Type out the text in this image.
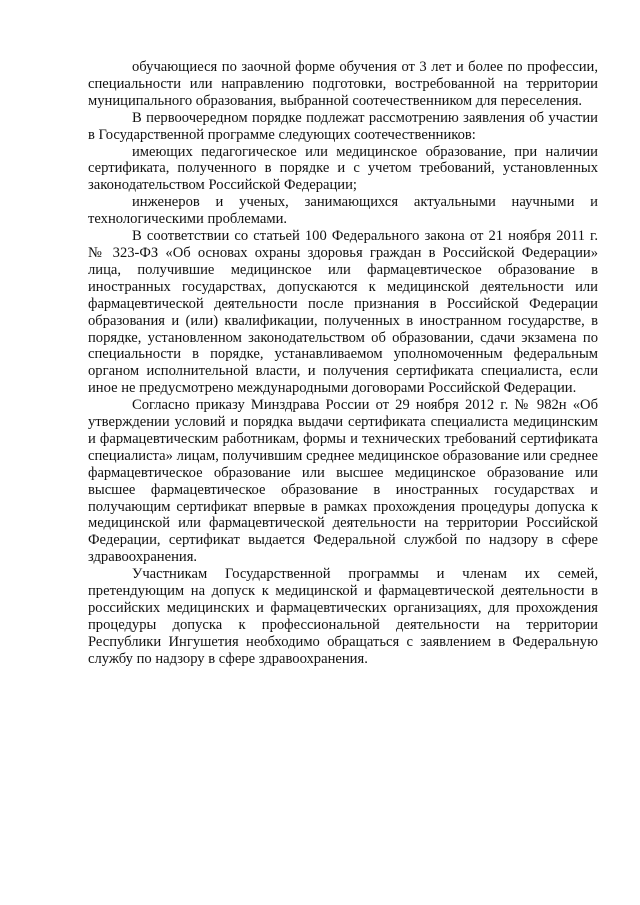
обучающиеся по заочной форме обучения от 3 лет и более по профессии, специальности или направлению подготовки, востребованной на территории муниципального образования, выбранной соотечественником для переселения.

В первоочередном порядке подлежат рассмотрению заявления об участии в Государственной программе следующих соотечественников:

имеющих педагогическое или медицинское образование, при наличии сертификата, полученного в порядке и с учетом требований, установленных законодательством Российской Федерации;

инженеров и ученых, занимающихся актуальными научными и технологическими проблемами.

В соответствии со статьей 100 Федерального закона от 21 ноября 2011 г. № 323-ФЗ «Об основах охраны здоровья граждан в Российской Федерации» лица, получившие медицинское или фармацевтическое образование в иностранных государствах, допускаются к медицинской деятельности или фармацевтической деятельности после признания в Российской Федерации образования и (или) квалификации, полученных в иностранном государстве, в порядке, установленном законодательством об образовании, сдачи экзамена по специальности в порядке, устанавливаемом уполномоченным федеральным органом исполнительной власти, и получения сертификата специалиста, если иное не предусмотрено международными договорами Российской Федерации.

Согласно приказу Минздрава России от 29 ноября 2012 г. № 982н «Об утверждении условий и порядка выдачи сертификата специалиста медицинским и фармацевтическим работникам, формы и технических требований сертификата специалиста» лицам, получившим среднее медицинское образование или среднее фармацевтическое образование или высшее медицинское образование или высшее фармацевтическое образование в иностранных государствах и получающим сертификат впервые в рамках прохождения процедуры допуска к медицинской или фармацевтической деятельности на территории Российской Федерации, сертификат выдается Федеральной службой по надзору в сфере здравоохранения.

Участникам Государственной программы и членам их семей, претендующим на допуск к медицинской и фармацевтической деятельности в российских медицинских и фармацевтических организациях, для прохождения процедуры допуска к профессиональной деятельности на территории Республики Ингушетия необходимо обращаться с заявлением в Федеральную службу по надзору в сфере здравоохранения.
